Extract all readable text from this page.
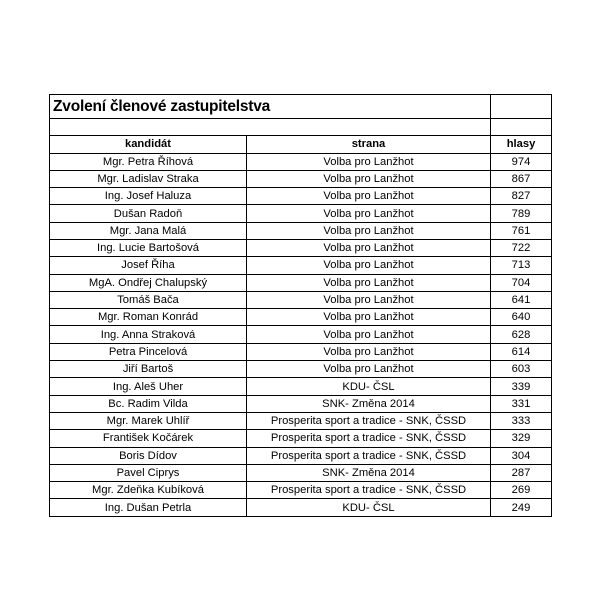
Zvolení členové zastupitelstva		

kandidát	strana	hlasy
Mgr. Petra Říhová	Volba pro Lanžhot	974
Mgr. Ladislav Straka	Volba pro Lanžhot	867
Ing. Josef Haluza	Volba pro Lanžhot	827
Dušan Radoň	Volba pro Lanžhot	789
Mgr. Jana Malá	Volba pro Lanžhot	761
Ing. Lucie Bartošová	Volba pro Lanžhot	722
Josef Říha	Volba pro Lanžhot	713
MgA. Ondřej Chalupský	Volba pro Lanžhot	704
Tomáš Bača	Volba pro Lanžhot	641
Mgr. Roman Konrád	Volba pro Lanžhot	640
Ing. Anna Straková	Volba pro Lanžhot	628
Petra Pincelová	Volba pro Lanžhot	614
Jiří Bartoš	Volba pro Lanžhot	603
Ing. Aleš Uher	KDU- ČSL	339
Bc. Radim Vilda	SNK- Změna 2014	331
Mgr. Marek Uhlíř	Prosperita sport a tradice - SNK, ČSSD	333
František Kočárek	Prosperita sport a tradice - SNK, ČSSD	329
Boris Dídov	Prosperita sport a tradice - SNK, ČSSD	304
Pavel Ciprys	SNK- Změna 2014	287
Mgr. Zdeňka Kubíková	Prosperita sport a tradice - SNK, ČSSD	269
Ing. Dušan Petrla	KDU- ČSL	249
